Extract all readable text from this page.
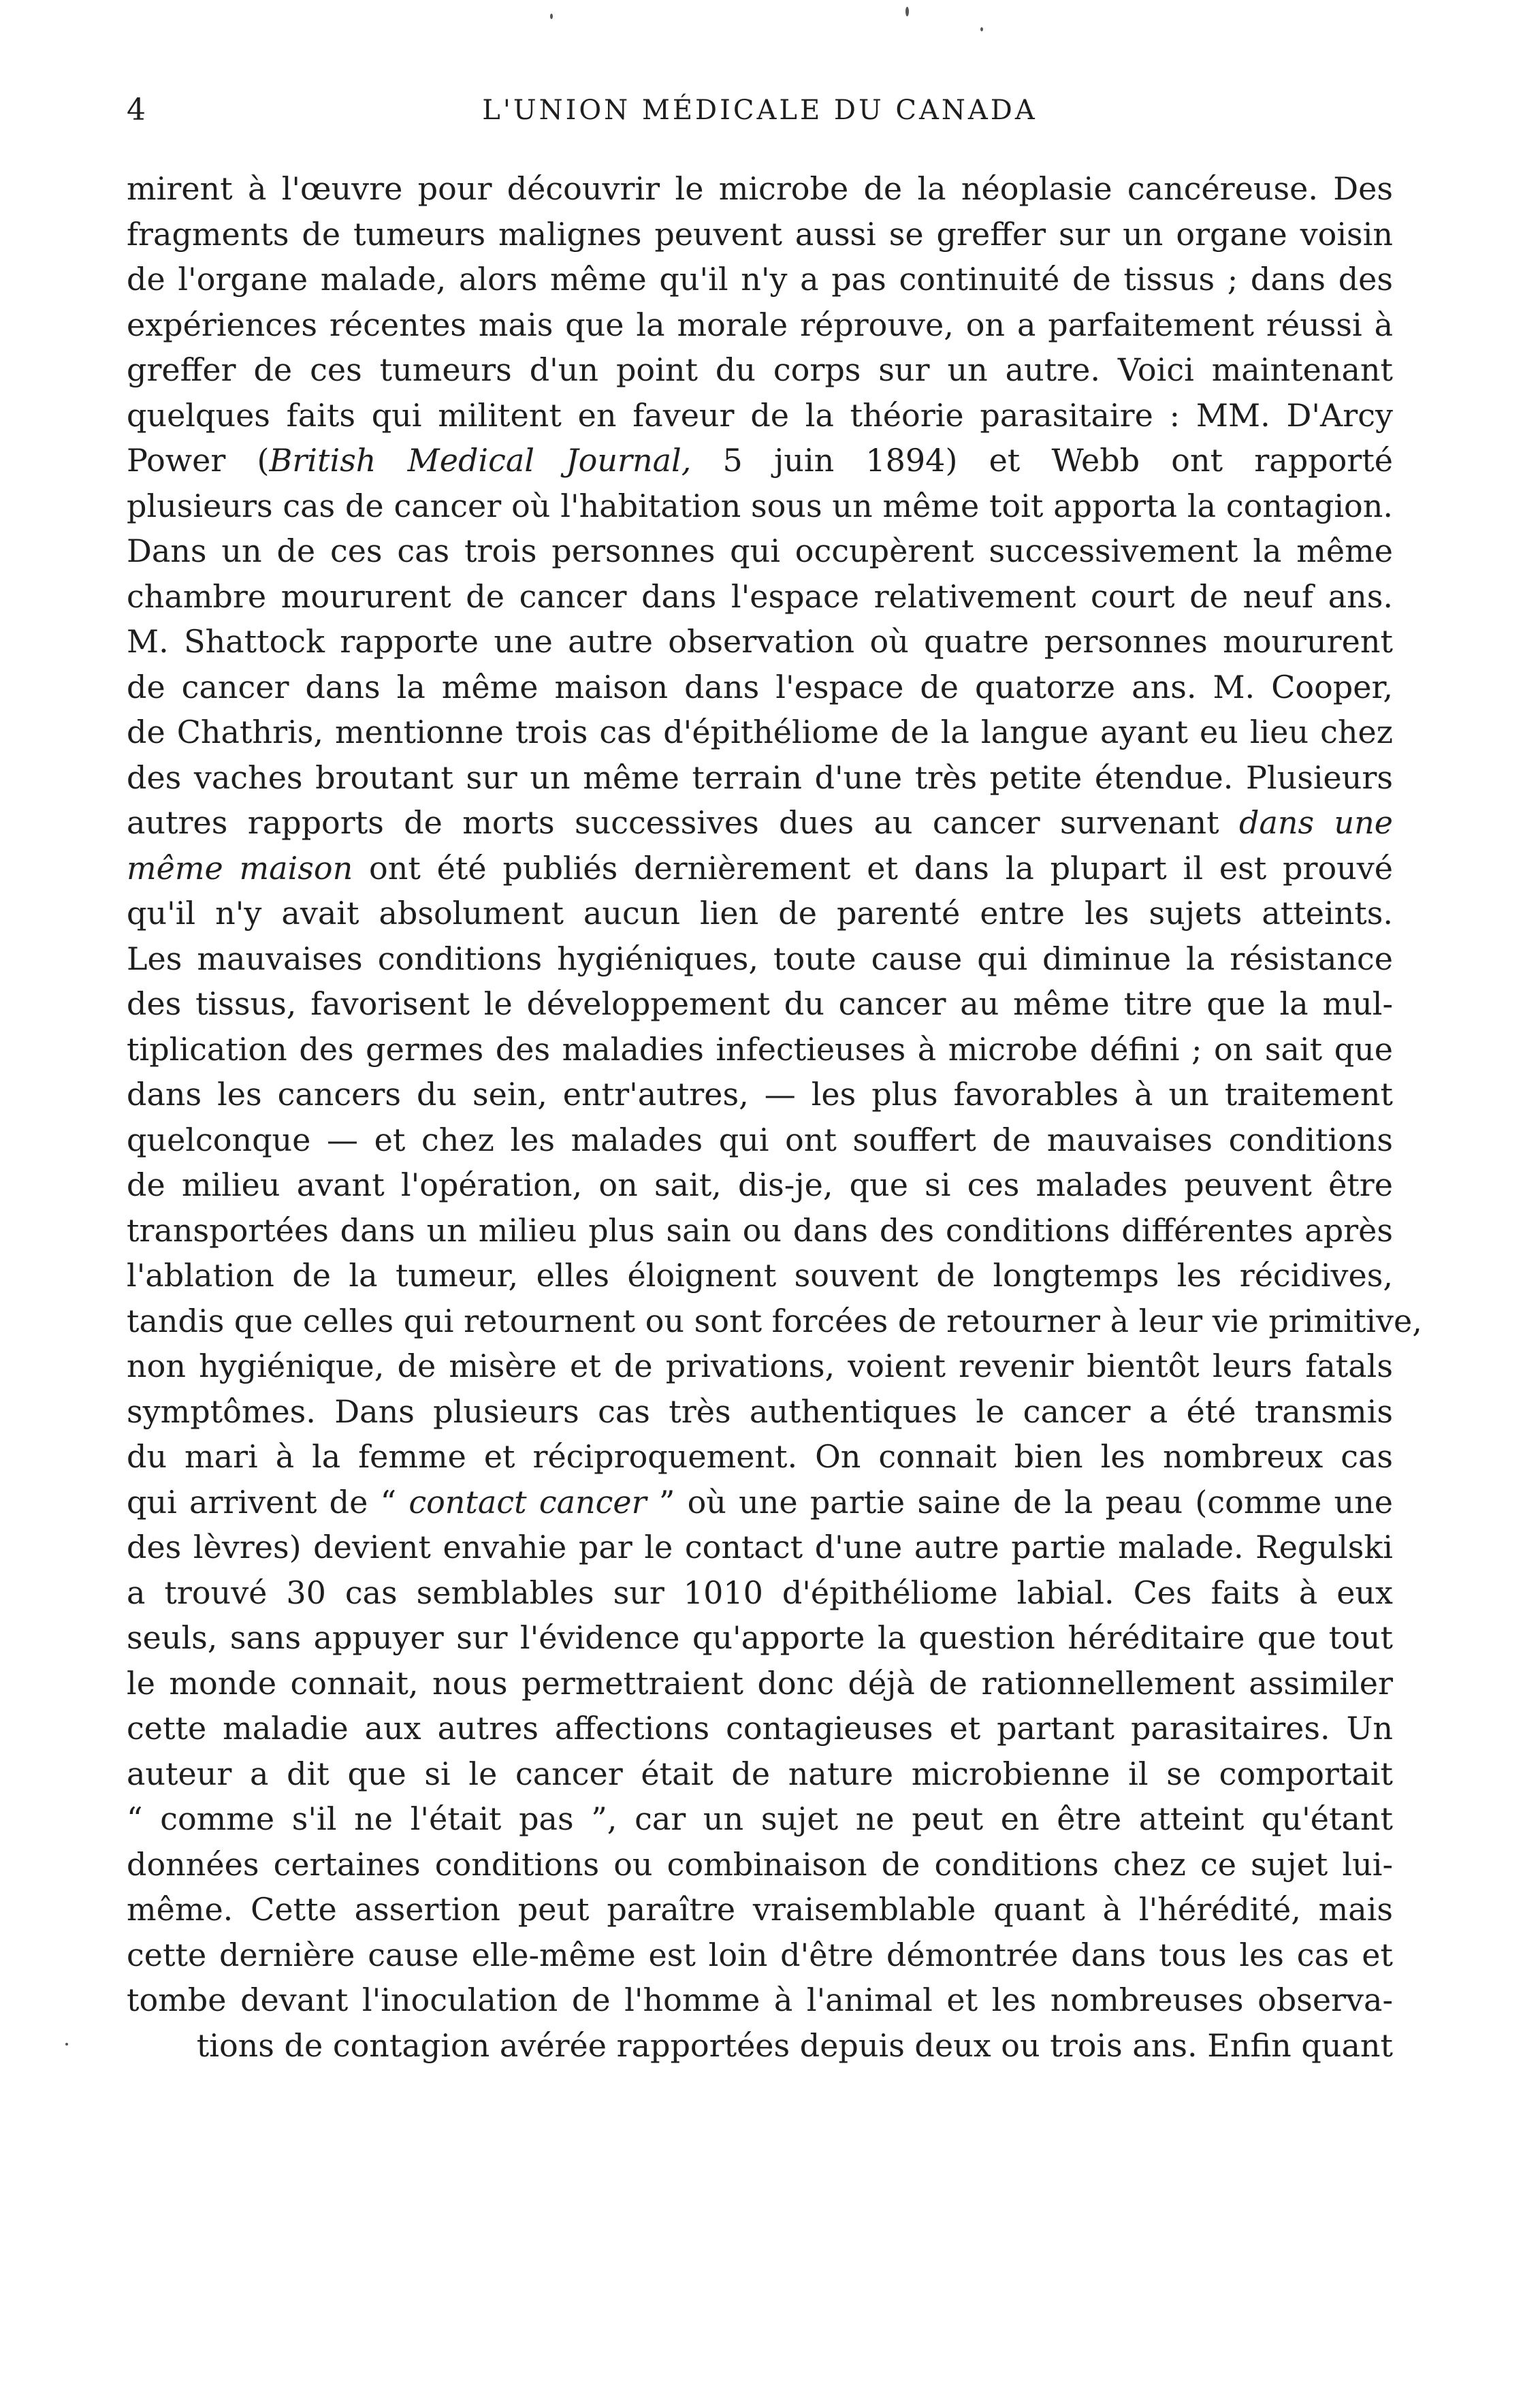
4	L'UNION MÉDICALE DU CANADA
mirent à l'œuvre pour découvrir le microbe de la néoplasie cancéreuse. Des
fragments de tumeurs malignes peuvent aussi se greffer sur un organe voisin
de l'organe malade, alors même qu'il n'y a pas continuité de tissus ; dans des
expériences récentes mais que la morale réprouve, on a parfaitement réussi à
greffer de ces tumeurs d'un point du corps sur un autre. Voici maintenant
quelques faits qui militent en faveur de la théorie parasitaire : MM. D'Arcy
Power (British Medical Journal, 5 juin 1894) et Webb ont rapporté
plusieurs cas de cancer où l'habitation sous un même toit apporta la contagion.
Dans un de ces cas trois personnes qui occupèrent successivement la même
chambre moururent de cancer dans l'espace relativement court de neuf ans.
M. Shattock rapporte une autre observation où quatre personnes moururent
de cancer dans la même maison dans l'espace de quatorze ans. M. Cooper,
de Chathris, mentionne trois cas d'épithéliome de la langue ayant eu lieu chez
des vaches broutant sur un même terrain d'une très petite étendue. Plusieurs
autres rapports de morts successives dues au cancer survenant dans une
même maison ont été publiés dernièrement et dans la plupart il est prouvé
qu'il n'y avait absolument aucun lien de parenté entre les sujets atteints.
Les mauvaises conditions hygiéniques, toute cause qui diminue la résistance
des tissus, favorisent le développement du cancer au même titre que la mul-
tiplication des germes des maladies infectieuses à microbe défini ; on sait que
dans les cancers du sein, entr'autres, — les plus favorables à un traitement
quelconque — et chez les malades qui ont souffert de mauvaises conditions
de milieu avant l'opération, on sait, dis-je, que si ces malades peuvent être
transportées dans un milieu plus sain ou dans des conditions différentes après
l'ablation de la tumeur, elles éloignent souvent de longtemps les récidives,
tandis que celles qui retournent ou sont forcées de retourner à leur vie primitive,
non hygiénique, de misère et de privations, voient revenir bientôt leurs fatals
symptômes. Dans plusieurs cas très authentiques le cancer a été transmis
du mari à la femme et réciproquement. On connait bien les nombreux cas
qui arrivent de “ contact cancer ” où une partie saine de la peau (comme une
des lèvres) devient envahie par le contact d'une autre partie malade. Regulski
a trouvé 30 cas semblables sur 1010 d'épithéliome labial. Ces faits à eux
seuls, sans appuyer sur l'évidence qu'apporte la question héréditaire que tout
le monde connait, nous permettraient donc déjà de rationnellement assimiler
cette maladie aux autres affections contagieuses et partant parasitaires. Un
auteur a dit que si le cancer était de nature microbienne il se comportait
“ comme s'il ne l'était pas ”, car un sujet ne peut en être atteint qu'étant
données certaines conditions ou combinaison de conditions chez ce sujet lui-
même. Cette assertion peut paraître vraisemblable quant à l'hérédité, mais
cette dernière cause elle-même est loin d'être démontrée dans tous les cas et
tombe devant l'inoculation de l'homme à l'animal et les nombreuses observa-
tions de contagion avérée rapportées depuis deux ou trois ans. Enfin quant
